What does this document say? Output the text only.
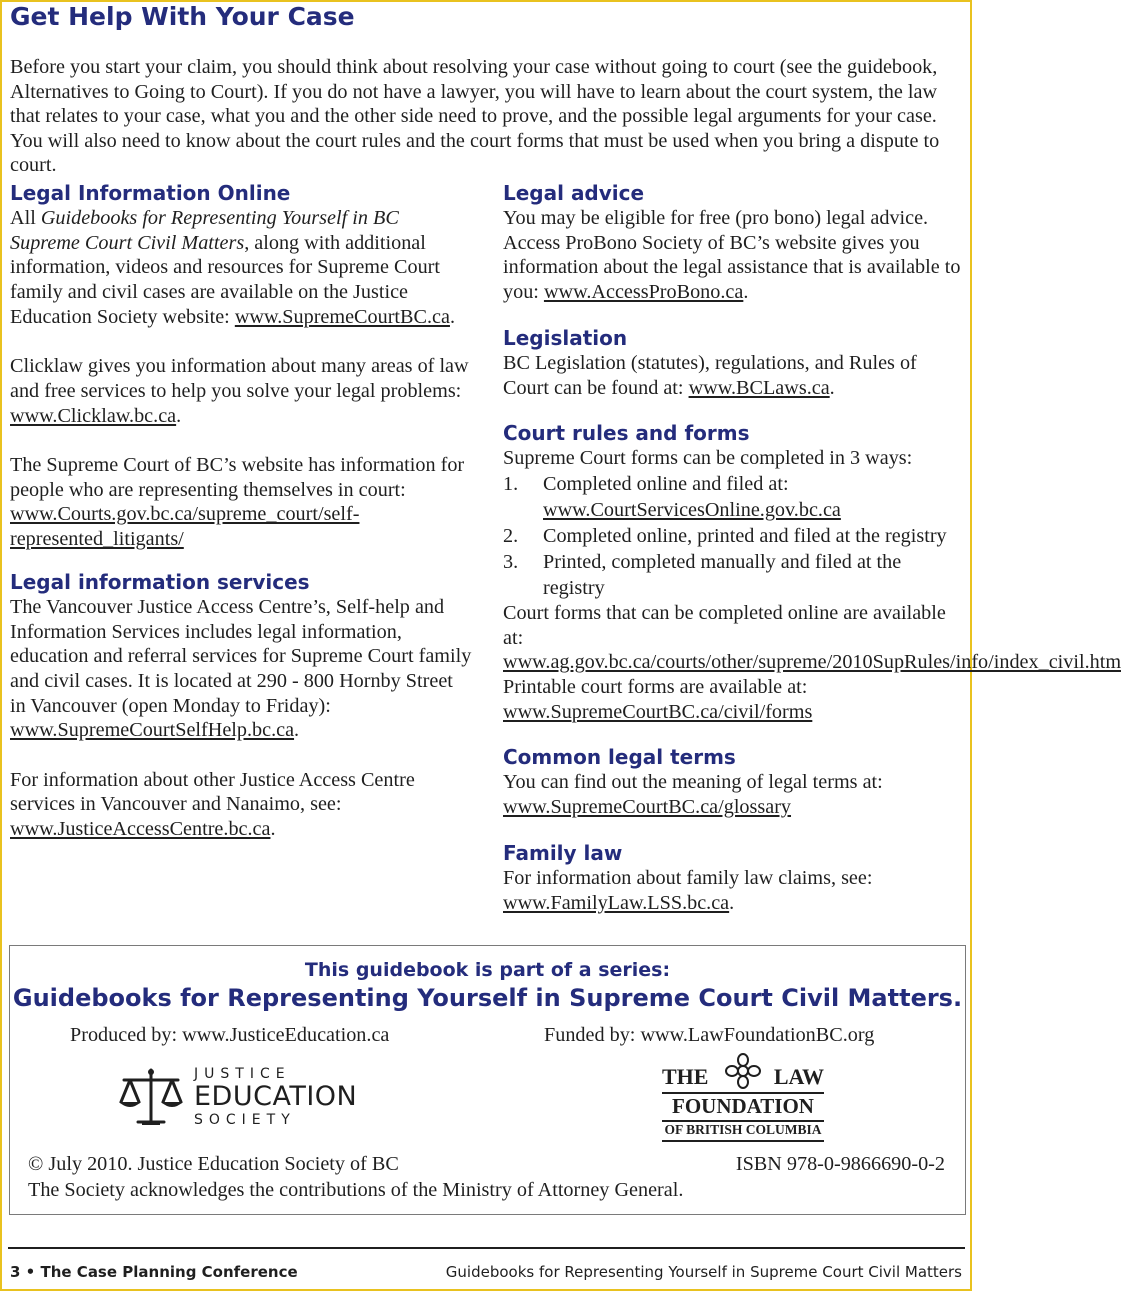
Get Help With Your Case

Before you start your claim, you should think about resolving your case without going to court (see the guidebook, Alternatives to Going to Court). If you do not have a lawyer, you will have to learn about the court system, the law that relates to your case, what you and the other side need to prove, and the possible legal arguments for your case. You will also need to know about the court rules and the court forms that must be used when you bring a dispute to court.

Legal Information Online

All Guidebooks for Representing Yourself in BC Supreme Court Civil Matters, along with additional information, videos and resources for Supreme Court family and civil cases are available on the Justice Education Society website: www.SupremeCourtBC.ca.

Clicklaw gives you information about many areas of law and free services to help you solve your legal problems: www.Clicklaw.bc.ca.

The Supreme Court of BC’s website has information for people who are representing themselves in court: www.Courts.gov.bc.ca/supreme_court/self-represented_litigants/

Legal information services

The Vancouver Justice Access Centre’s, Self-help and Information Services includes legal information, education and referral services for Supreme Court family and civil cases. It is located at 290 - 800 Hornby Street in Vancouver (open Monday to Friday): www.SupremeCourtSelfHelp.bc.ca.

For information about other Justice Access Centre services in Vancouver and Nanaimo, see: www.JusticeAccessCentre.bc.ca.

Legal advice

You may be eligible for free (pro bono) legal advice. Access ProBono Society of BC’s website gives you information about the legal assistance that is available to you: www.AccessProBono.ca.

Legislation

BC Legislation (statutes), regulations, and Rules of Court can be found at: www.BCLaws.ca.

Court rules and forms

Supreme Court forms can be completed in 3 ways:

1. Completed online and filed at:
www.CourtServicesOnline.gov.bc.ca
2. Completed online, printed and filed at the registry
3. Printed, completed manually and filed at the registry

Court forms that can be completed online are available at: www.ag.gov.bc.ca/courts/other/supreme/2010SupRules/info/index_civil.htm

Printable court forms are available at:
www.SupremeCourtBC.ca/civil/forms

Common legal terms

You can find out the meaning of legal terms at:
www.SupremeCourtBC.ca/glossary

Family law

For information about family law claims, see:
www.FamilyLaw.LSS.bc.ca.

This guidebook is part of a series:
Guidebooks for Representing Yourself in Supreme Court Civil Matters.
Produced by: www.JusticeEducation.ca	Funded by: www.LawFoundationBC.org
JUSTICE
EDUCATION
SOCIETY
THE	LAW
FOUNDATION
OF BRITISH COLUMBIA
© July 2010. Justice Education Society of BC	ISBN 978-0-9866690-0-2
The Society acknowledges the contributions of the Ministry of Attorney General.
3 • The Case Planning Conference	Guidebooks for Representing Yourself in Supreme Court Civil Matters
